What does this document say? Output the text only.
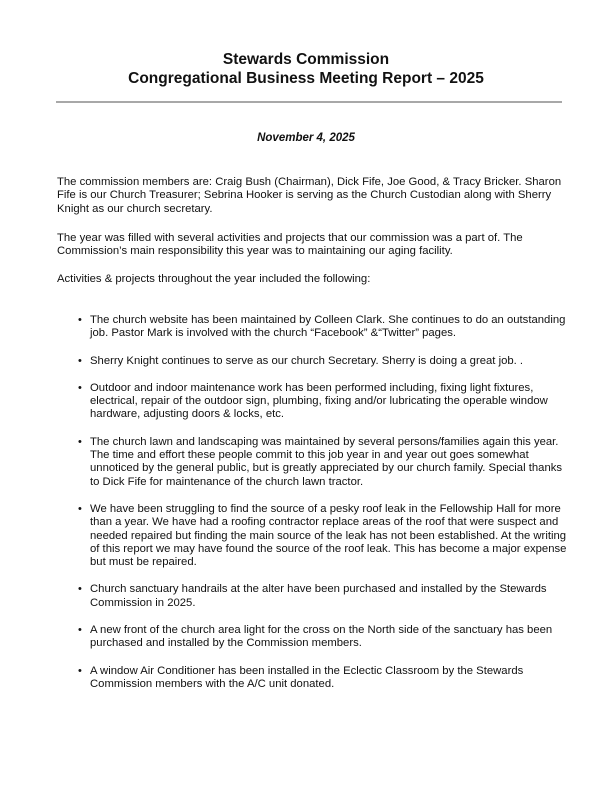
Stewards Commission
Congregational Business Meeting Report – 2025
November 4, 2025

The commission members are: Craig Bush (Chairman), Dick Fife, Joe Good, & Tracy Bricker. Sharon Fife is our Church Treasurer; Sebrina Hooker is serving as the Church Custodian along with Sherry Knight as our church secretary.

The year was filled with several activities and projects that our commission was a part of. The Commission’s main responsibility this year was to maintaining our aging facility.

Activities & projects throughout the year included the following:

• The church website has been maintained by Colleen Clark. She continues to do an outstanding job. Pastor Mark is involved with the church “Facebook” &“Twitter” pages.
• Sherry Knight continues to serve as our church Secretary. Sherry is doing a great job. .
• Outdoor and indoor maintenance work has been performed including, fixing light fixtures, electrical, repair of the outdoor sign, plumbing, fixing and/or lubricating the operable window hardware, adjusting doors & locks, etc.
• The church lawn and landscaping was maintained by several persons/families again this year. The time and effort these people commit to this job year in and year out goes somewhat unnoticed by the general public, but is greatly appreciated by our church family. Special thanks to Dick Fife for maintenance of the church lawn tractor.
• We have been struggling to find the source of a pesky roof leak in the Fellowship Hall for more than a year. We have had a roofing contractor replace areas of the roof that were suspect and needed repaired but finding the main source of the leak has not been established. At the writing of this report we may have found the source of the roof leak. This has become a major expense but must be repaired.
• Church sanctuary handrails at the alter have been purchased and installed by the Stewards Commission in 2025.
• A new front of the church area light for the cross on the North side of the sanctuary has been purchased and installed by the Commission members.
• A window Air Conditioner has been installed in the Eclectic Classroom by the Stewards Commission members with the A/C unit donated.
